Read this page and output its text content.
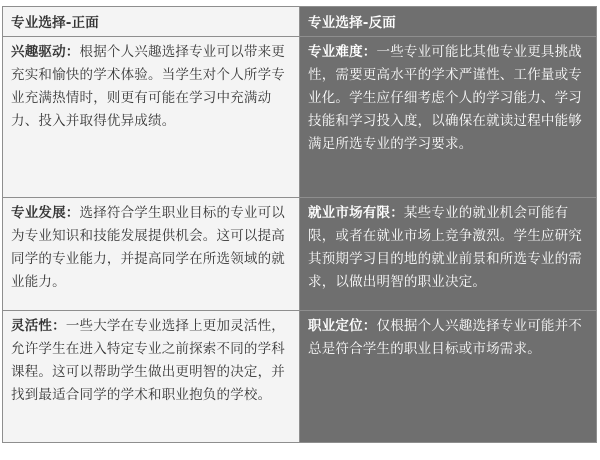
专业选择-正面	专业选择-反面
兴趣驱动：根据个人兴趣选择专业可以带来更充实和愉快的学术体验。当学生对个人所学专业充满热情时，则更有可能在学习中充满动力、投入并取得优异成绩。	专业难度：一些专业可能比其他专业更具挑战性，需要更高水平的学术严谨性、工作量或专业化。学生应仔细考虑个人的学习能力、学习技能和学习投入度，以确保在就读过程中能够满足所选专业的学习要求。
专业发展：选择符合学生职业目标的专业可以为专业知识和技能发展提供机会。这可以提高同学的专业能力，并提高同学在所选领域的就业能力。	就业市场有限：某些专业的就业机会可能有限，或者在就业市场上竞争激烈。学生应研究其预期学习目的地的就业前景和所选专业的需求，以做出明智的职业决定。
灵活性：一些大学在专业选择上更加灵活性，允许学生在进入特定专业之前探索不同的学科课程。这可以帮助学生做出更明智的决定，并找到最适合同学的学术和职业抱负的学校。	职业定位：仅根据个人兴趣选择专业可能并不总是符合学生的职业目标或市场需求。
